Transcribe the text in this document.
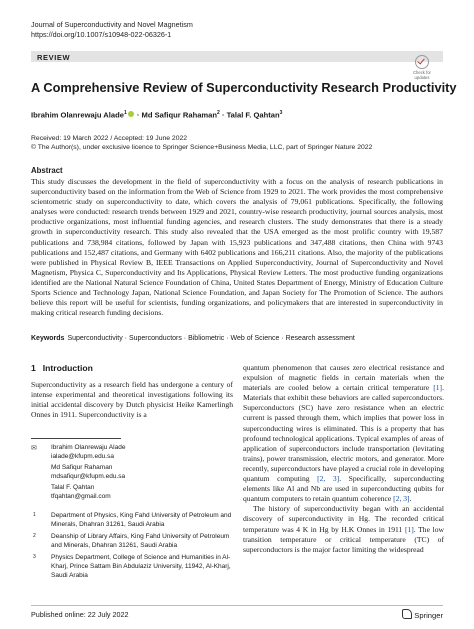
Journal of Superconductivity and Novel Magnetism
https://doi.org/10.1007/s10948-022-06326-1
REVIEW
Check for updates
A Comprehensive Review of Superconductivity Research Productivity
Ibrahim Olanrewaju Alade$^1$ · Md Safiqur Rahaman$^2$ · Talal F. Qahtan$^3$
Received: 19 March 2022 / Accepted: 19 June 2022
© The Author(s), under exclusive licence to Springer Science+Business Media, LLC, part of Springer Nature 2022
Abstract

This study discusses the development in the field of superconductivity with a focus on the analysis of research publications in superconductivity based on the information from the Web of Science from 1929 to 2021. The work provides the most comprehensive scientometric study on superconductivity to date, which covers the analysis of 79,061 publications. Specifically, the following analyses were conducted: research trends between 1929 and 2021, country-wise research productivity, journal sources analysis, most productive organizations, most influential funding agencies, and research clusters. The study demonstrates that there is a steady growth in superconductivity research. This study also revealed that the USA emerged as the most prolific country with 19,587 publications and 738,984 citations, followed by Japan with 15,923 publications and 347,488 citations, then China with 9743 publications and 152,487 citations, and Germany with 6402 publications and 166,211 citations. Also, the majority of the publications were published in Physical Review B, IEEE Transactions on Applied Superconductivity, Journal of Superconductivity and Novel Magnetism, Physica C, Superconductivity and Its Applications, Physical Review Letters. The most productive funding organizations identified are the National Natural Science Foundation of China, United States Department of Energy, Ministry of Education Culture Sports Science and Technology Japan, National Science Foundation, and Japan Society for The Promotion of Science. The authors believe this report will be useful for scientists, funding organizations, and policymakers that are interested in superconductivity in making critical research funding decisions.

Keywords Superconductivity · Superconductors · Bibliometric · Web of Science · Research assessment
1 Introduction

Superconductivity as a research field has undergone a century of intense experimental and theoretical investigations following its initial accidental discovery by Dutch physicist Heike Kamerlingh Onnes in 1911. Superconductivity is a

✉ Ibrahim Olanrewaju Alade
ialade@kfupm.edu.sa
Md Safiqur Rahaman
mdsafiqur@kfupm.edu.sa
Talal F. Qahtan
tfqahtan@gmail.com
1 Department of Physics, King Fahd University of Petroleum and Minerals, Dhahran 31261, Saudi Arabia
2 Deanship of Library Affairs, King Fahd University of Petroleum and Minerals, Dhahran 31261, Saudi Arabia
3 Physics Department, College of Science and Humanities in Al-Kharj, Prince Sattam Bin Abdulaziz University, 11942, Al-Kharj, Saudi Arabia

quantum phenomenon that causes zero electrical resistance and expulsion of magnetic fields in certain materials when the materials are cooled below a certain critical temperature [1]. Materials that exhibit these behaviors are called superconductors. Superconductors (SC) have zero resistance when an electric current is passed through them, which implies that power loss in superconducting wires is eliminated. This is a property that has profound technological applications. Typical examples of areas of application of superconductors include transportation (levitating trains), power transmission, electric motors, and generator. More recently, superconductors have played a crucial role in developing quantum computing [2, 3]. Specifically, superconducting elements like Al and Nb are used in superconducting qubits for quantum computers to retain quantum coherence [2, 3].

The history of superconductivity began with an accidental discovery of superconductivity in Hg. The recorded critical temperature was 4 K in Hg by H.K Onnes in 1911 [1]. The low transition temperature or critical temperature (TC) of superconductors is the major factor limiting the widespread

Published online: 22 July 2022	Springer
